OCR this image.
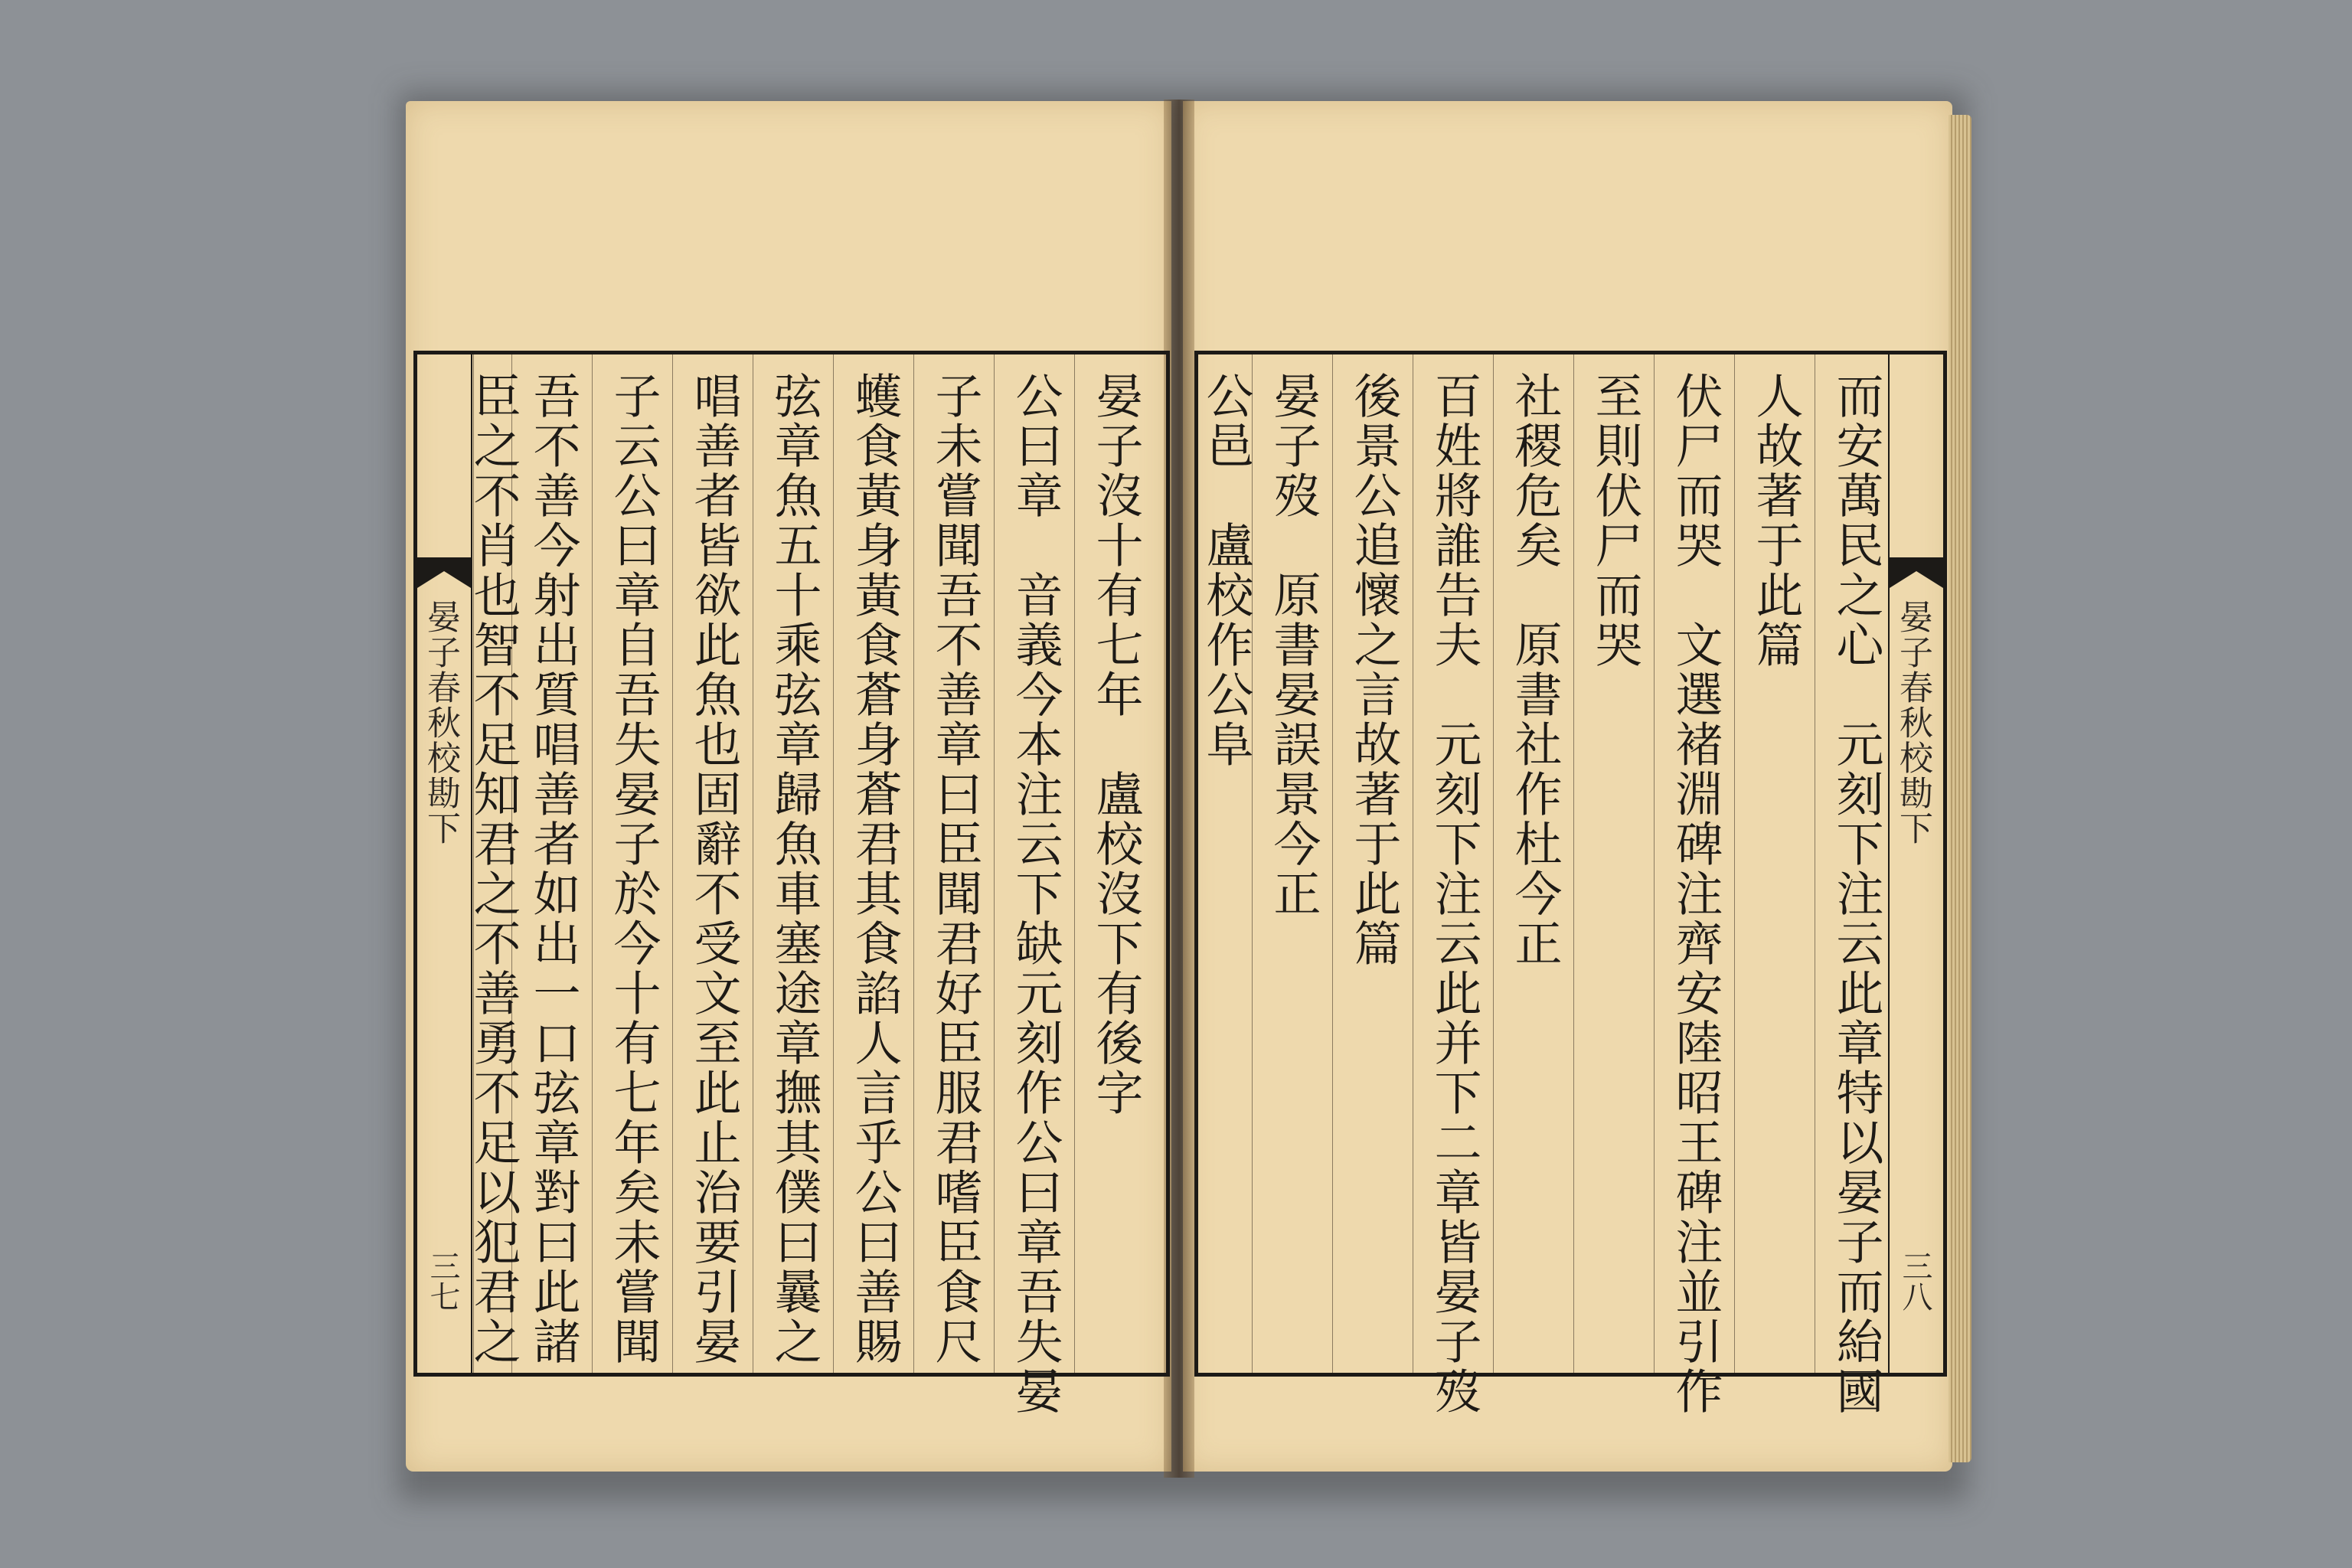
晏子春秋校勘下
三七
晏子沒十有七年　盧校沒下有後字
公曰章　音義今本注云下缺元刻作公曰章吾失晏
子未嘗聞吾不善章曰臣聞君好臣服君嗜臣食尺
蠖食黃身黃食蒼身蒼君其食諂人言乎公曰善賜
弦章魚五十乘弦章歸魚車塞途章撫其僕曰曩之
唱善者皆欲此魚也固辭不受文至此止治要引晏
子云公曰章自吾失晏子於今十有七年矣未嘗聞
吾不善今射出質唱善者如出一口弦章對曰此諸
臣之不肖也智不足知君之不善勇不足以犯君之	晏子春秋校勘下
三八
而安萬民之心　元刻下注云此章特以晏子而紿國
人故著于此篇
伏尸而哭　文選褚淵碑注齊安陸昭王碑注並引作
至則伏尸而哭
社稷危矣　原書社作杜今正
百姓將誰告夫　元刻下注云此并下二章皆晏子歿
後景公追懷之言故著于此篇
晏子歿　原書晏誤景今正
公邑　盧校作公阜
